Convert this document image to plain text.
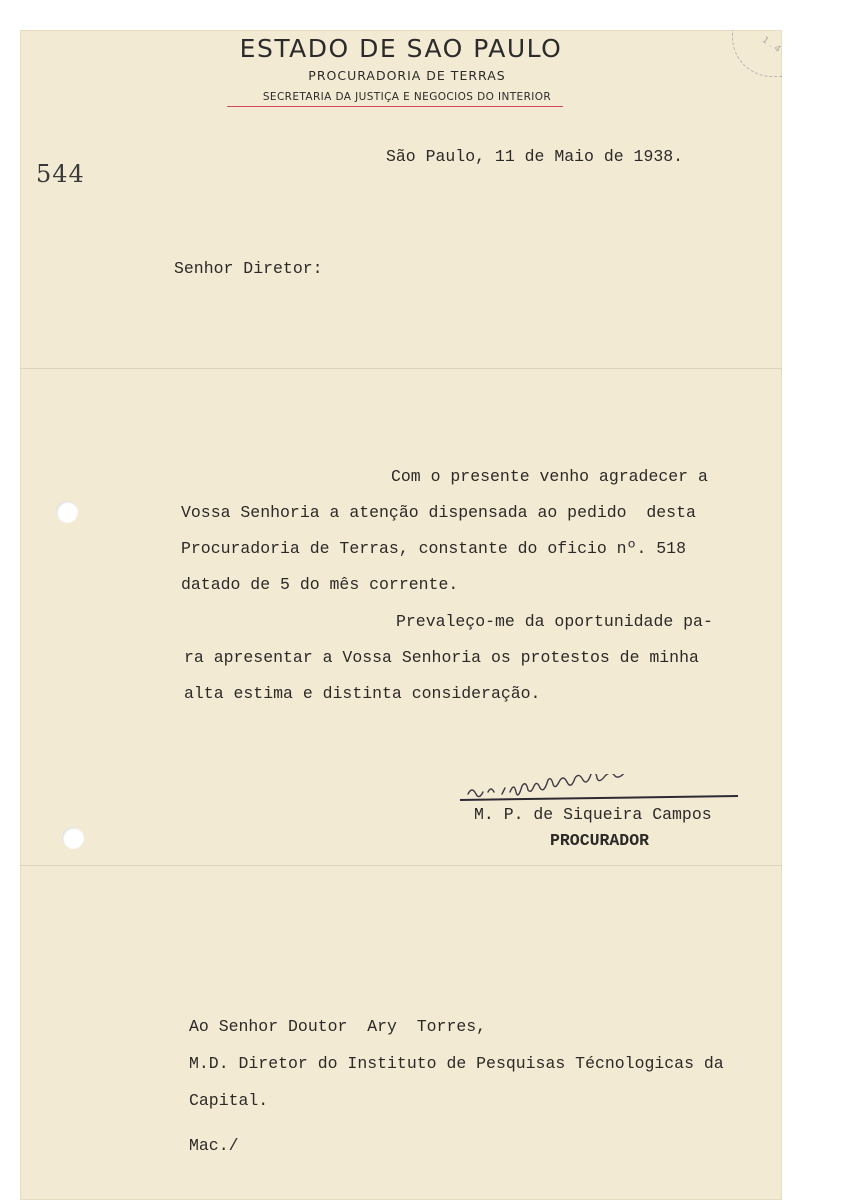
1 . 4
ESTADO DE SAO PAULO
PROCURADORIA DE TERRAS
SECRETARIA DA JUSTIÇA E NEGOCIOS DO INTERIOR
544
São Paulo, 11 de Maio de 1938.
Senhor Diretor:
Com o presente venho agradecer a
Vossa Senhoria a atenção dispensada ao pedido  desta
Procuradoria de Terras, constante do oficio nº. 518
datado de 5 do mês corrente.
Prevaleço-me da oportunidade pa-
ra apresentar a Vossa Senhoria os protestos de minha
alta estima e distinta consideração.
M. P. de Siqueira Campos
PROCURADOR
Ao Senhor Doutor  Ary  Torres,
M.D. Diretor do Instituto de Pesquisas Técnologicas da
Capital.
Mac./
